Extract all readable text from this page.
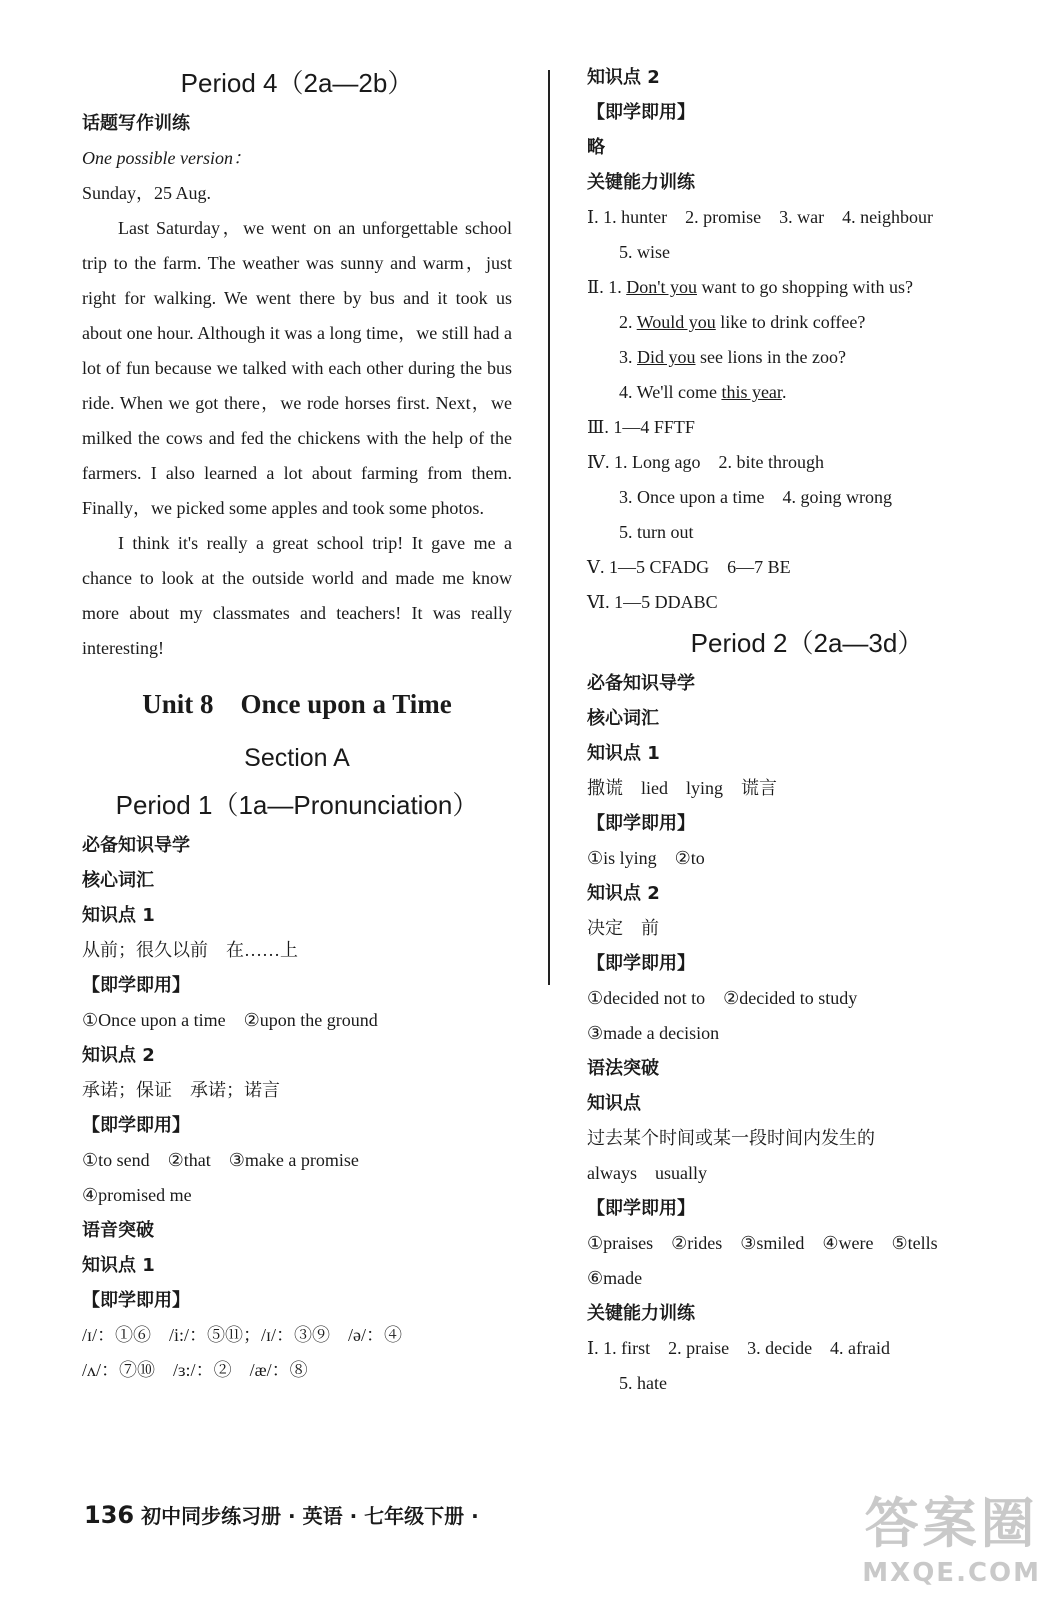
Period 4（2a—2b）
话题写作训练
One possible version：
Sunday，25 Aug.
Last Saturday，we went on an unforgettable school trip to the farm. The weather was sunny and warm，just right for walking. We went there by bus and it took us about one hour. Although it was a long time，we still had a lot of fun because we talked with each other during the bus ride. When we got there，we rode horses first. Next，we milked the cows and fed the chickens with the help of the farmers. I also learned a lot about farming from them. Finally，we picked some apples and took some photos.
I think it's really a great school trip! It gave me a chance to look at the outside world and made me know more about my classmates and teachers! It was really interesting!
Unit 8　Once upon a Time
Section A
Period 1（1a—Pronunciation）
必备知识导学
核心词汇
知识点 1
从前；很久以前　在……上
【即学即用】
①Once upon a time　②upon the ground
知识点 2
承诺；保证　承诺；诺言
【即学即用】
①to send　②that　③make a promise
④promised me
语音突破
知识点 1
【即学即用】
/ɪ/：①⑥　/i:/：⑤⑪；/ɪ/：③⑨　/ə/：④
/ʌ/：⑦⑩　/ɜ:/：②　/æ/：⑧
知识点 2
【即学即用】
略
关键能力训练
Ⅰ. 1. hunter　2. promise　3. war　4. neighbour
5. wise
Ⅱ. 1. Don't you want to go shopping with us?
2. Would you like to drink coffee?
3. Did you see lions in the zoo?
4. We'll come this year.
Ⅲ. 1—4 FFTF
Ⅳ. 1. Long ago　2. bite through
3. Once upon a time　4. going wrong
5. turn out
Ⅴ. 1—5 CFADG　6—7 BE
Ⅵ. 1—5 DDABC
Period 2（2a—3d）
必备知识导学
核心词汇
知识点 1
撒谎　lied　lying　谎言
【即学即用】
①is lying　②to
知识点 2
决定　前
【即学即用】
①decided not to　②decided to study
③made a decision
语法突破
知识点
过去某个时间或某一段时间内发生的
always　usually
【即学即用】
①praises　②rides　③smiled　④were　⑤tells
⑥made
关键能力训练
Ⅰ. 1. first　2. praise　3. decide　4. afraid
5. hate
136 初中同步练习册 · 英语 · 七年级下册 ·	答案圈
MXQE.COM
